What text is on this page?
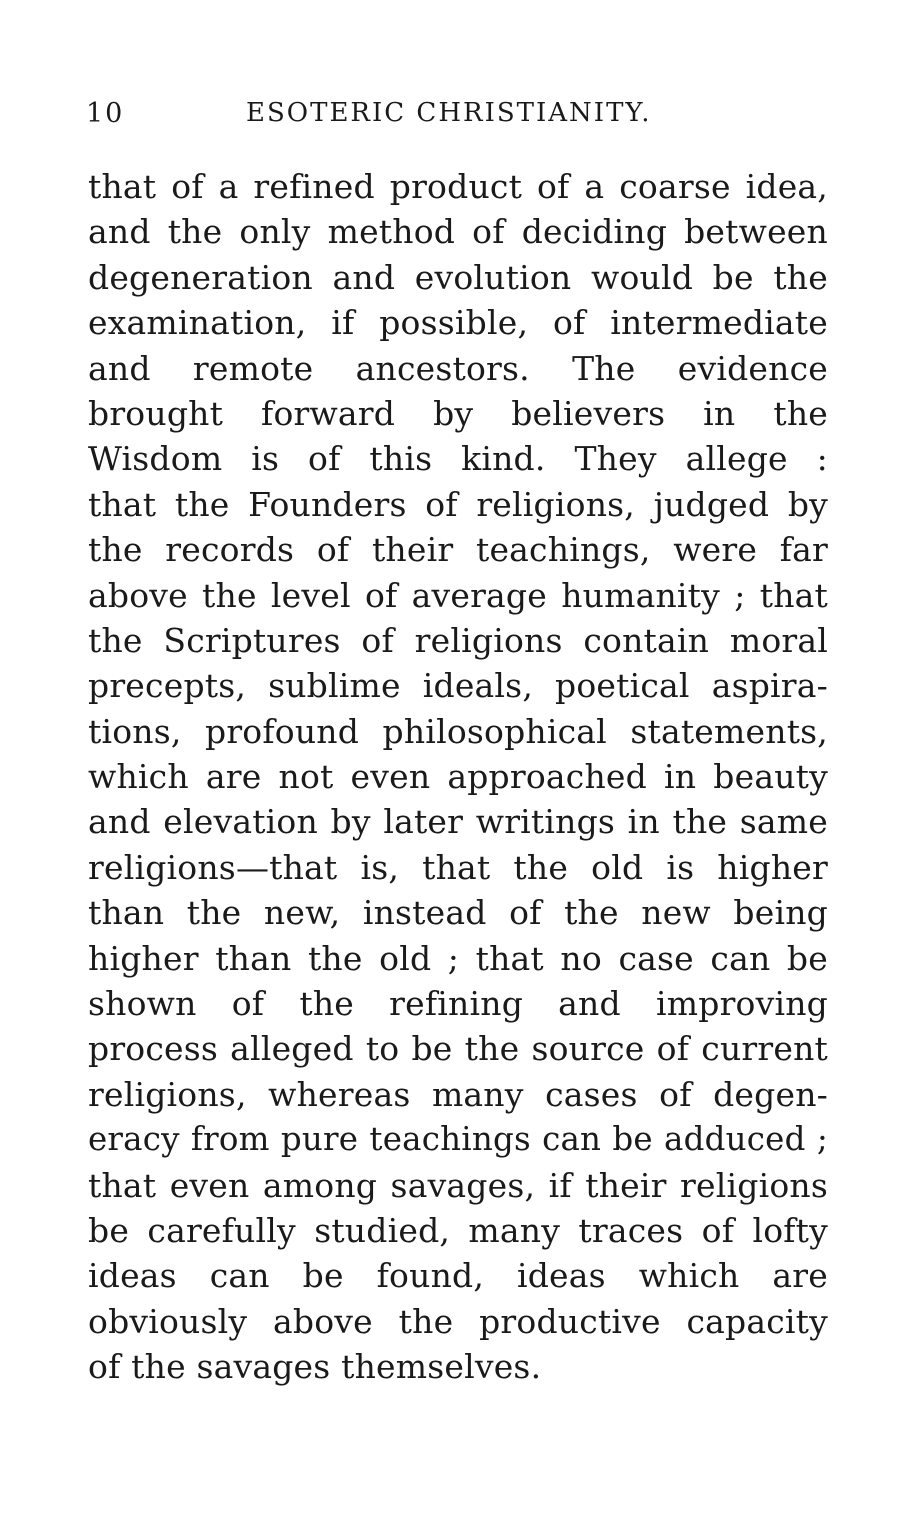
10	ESOTERIC CHRISTIANITY.
that of a refined product of a coarse idea,
and the only method of deciding between
degeneration and evolution would be the
examination, if possible, of intermediate
and remote ancestors. The evidence
brought forward by believers in the
Wisdom is of this kind. They allege :
that the Founders of religions, judged by
the records of their teachings, were far
above the level of average humanity ; that
the Scriptures of religions contain moral
precepts, sublime ideals, poetical aspira-
tions, profound philosophical statements,
which are not even approached in beauty
and elevation by later writings in the same
religions—that is, that the old is higher
than the new, instead of the new being
higher than the old ; that no case can be
shown of the refining and improving
process alleged to be the source of current
religions, whereas many cases of degen-
eracy from pure teachings can be adduced ;
that even among savages, if their religions
be carefully studied, many traces of lofty
ideas can be found, ideas which are
obviously above the productive capacity
of the savages themselves.
